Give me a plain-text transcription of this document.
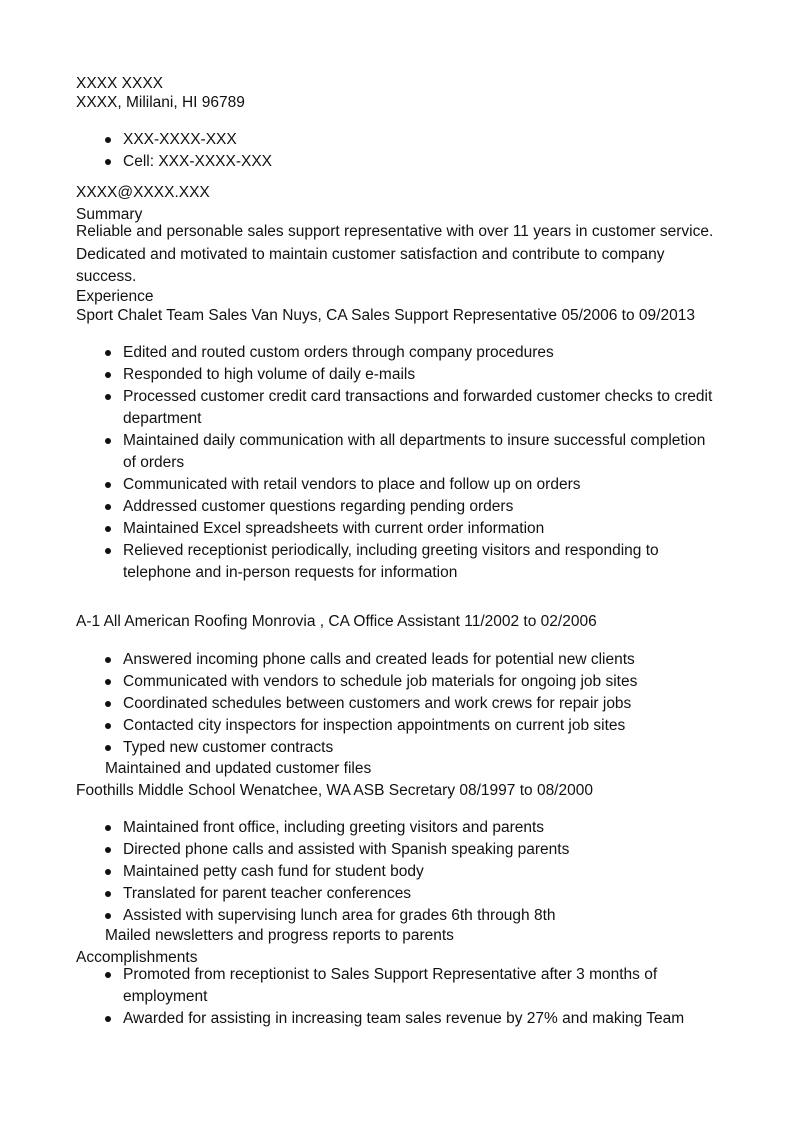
XXXX XXXX
XXXX, Mililani, HI 96789
XXX-XXXX-XXX
Cell: XXX-XXXX-XXX
XXXX@XXXX.XXX
Summary
Reliable and personable sales support representative with over 11 years in customer service. Dedicated and motivated to maintain customer satisfaction and contribute to company success.
Experience
Sport Chalet Team Sales Van Nuys, CA Sales Support Representative 05/2006 to 09/2013
Edited and routed custom orders through company procedures
Responded to high volume of daily e-mails
Processed customer credit card transactions and forwarded customer checks to credit department
Maintained daily communication with all departments to insure successful completion of orders
Communicated with retail vendors to place and follow up on orders
Addressed customer questions regarding pending orders
Maintained Excel spreadsheets with current order information
Relieved receptionist periodically, including greeting visitors and responding to telephone and in-person requests for information
A-1 All American Roofing Monrovia , CA Office Assistant 11/2002 to 02/2006
Answered incoming phone calls and created leads for potential new clients
Communicated with vendors to schedule job materials for ongoing job sites
Coordinated schedules between customers and work crews for repair jobs
Contacted city inspectors for inspection appointments on current job sites
Typed new customer contracts
Maintained and updated customer files
Foothills Middle School Wenatchee, WA ASB Secretary 08/1997 to 08/2000
Maintained front office, including greeting visitors and parents
Directed phone calls and assisted with Spanish speaking parents
Maintained petty cash fund for student body
Translated for parent teacher conferences
Assisted with supervising lunch area for grades 6th through 8th
Mailed newsletters and progress reports to parents
Accomplishments
Promoted from receptionist to Sales Support Representative after 3 months of employment
Awarded for assisting in increasing team sales revenue by 27% and making Team
